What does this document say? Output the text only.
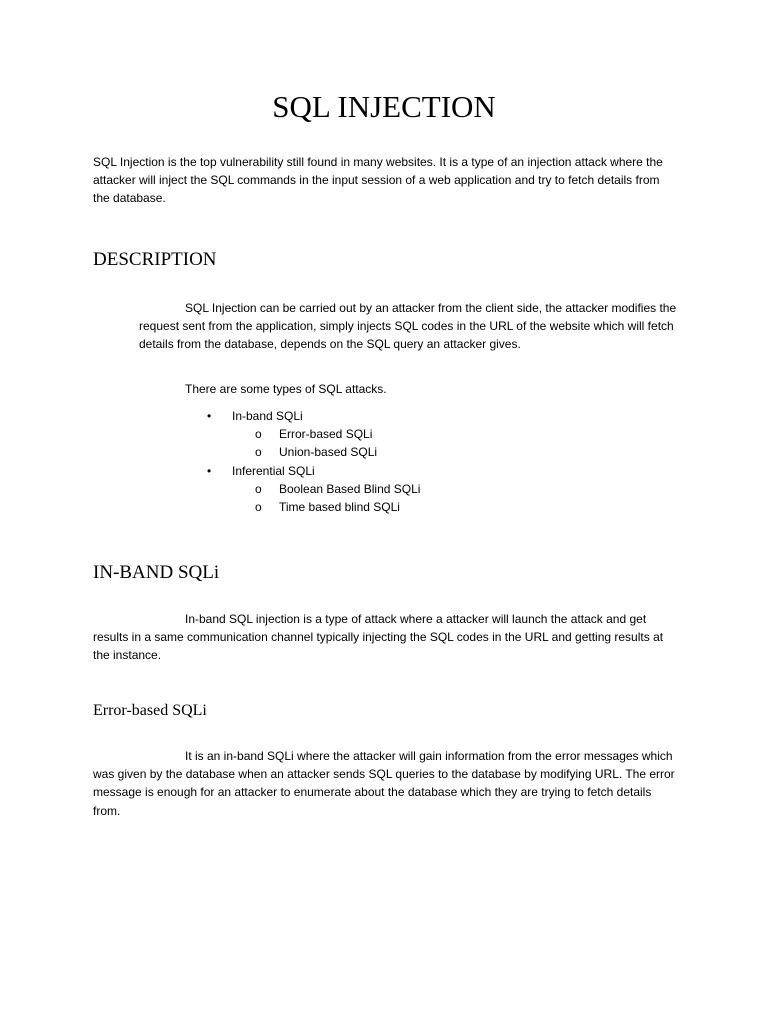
SQL INJECTION

SQL Injection is the top vulnerability still found in many websites. It is a type of an injection attack where the attacker will inject the SQL commands in the input session of a web application and try to fetch details from the database.

DESCRIPTION

SQL Injection can be carried out by an attacker from the client side, the attacker modifies the request sent from the application, simply injects SQL codes in the URL of the website which will fetch details from the database, depends on the SQL query an attacker gives.

There are some types of SQL attacks.

• In-band SQLi
o Error-based SQLi
o Union-based SQLi
• Inferential SQLi
o Boolean Based Blind SQLi
o Time based blind SQLi
IN-BAND SQLi

In-band SQL injection is a type of attack where a attacker will launch the attack and get results in a same communication channel typically injecting the SQL codes in the URL and getting results at the instance.

Error-based SQLi

It is an in-band SQLi where the attacker will gain information from the error messages which was given by the database when an attacker sends SQL queries to the database by modifying URL. The error message is enough for an attacker to enumerate about the database which they are trying to fetch details from.
